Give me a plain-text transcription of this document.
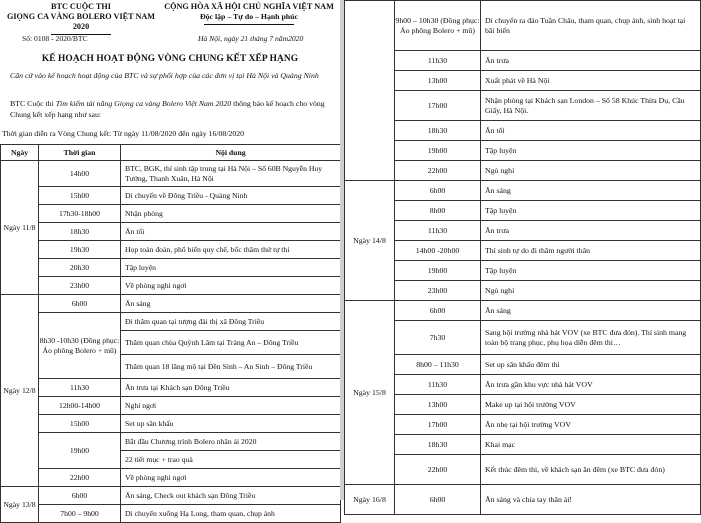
BTC CUỘC THI
GIỌNG CA VÀNG BOLERO VIỆT NAM 2020
CỘNG HÒA XÃ HỘI CHỦ NGHĨA VIỆT NAM
Độc lập – Tự do – Hạnh phúc
Số: 0108 - 2020/BTC	Hà Nội, ngày 21 tháng 7 năm2020
KẾ HOẠCH HOẠT ĐỘNG VÒNG CHUNG KẾT XẾP HẠNG
Căn cứ vào kế hoạch hoạt động của BTC và sự phối hợp của các đơn vị tại Hà Nội và Quảng Ninh
BTC Cuộc thi Tìm kiếm tài năng Giọng ca vàng Bolero Việt Nam 2020 thông báo kế hoạch cho vòng Chung kết xếp hạng như sau:
Thời gian diễn ra Vòng Chung kết: Từ ngày 11/08/2020 đến ngày 16/08/2020
Ngày	Thời gian	Nội dung
Ngày 11/8	14h00	BTC, BGK, thí sinh tập trung tại Hà Nội – Số 60B Nguyễn Huy Tưởng, Thanh Xuân, Hà Nội
	15h00	Di chuyển về Đông Triều - Quảng Ninh
	17h30-18h00	Nhận phòng
	18h30	Ăn tối
	19h30	Họp toàn đoàn, phổ biến quy chế, bốc thăm thứ tự thi
	20h30	Tập luyện
	23h00	Về phòng nghỉ ngơi
Ngày 12/8	6h00	Ăn sáng
	8h30 -10h30 (Đồng phục: Áo phông Bolero + mũ)	Đi thăm quan tại tượng đài thị xã Đông Triều
		Thăm quan chùa Quỳnh Lâm tại Tràng An – Đông Triều
		Thăm quan 18 lăng mộ tại Đền Sinh – An Sinh – Đông Triều
	11h30	Ăn trưa tại Khách sạn Đông Triều
	12h00-14h00	Nghỉ ngơi
	15h00	Set up sân khấu
	19h00	Bắt đầu Chương trình Bolero nhân ái 2020
		22 tiết mục + trao quà
	22h00	Về phòng nghỉ ngơi
Ngày 13/8	6h00	Ăn sáng, Check out khách sạn Đông Triều
	7h00 – 9h00	Di chuyển xuống Hạ Long, tham quan, chụp ảnh
	9h00 – 10h30 (Đồng phục: Áo phông Bolero + mũ)	Di chuyển ra đảo Tuần Châu, tham quan, chụp ảnh, sinh hoạt tại bãi biển
	11h30	Ăn trưa
	13h00	Xuất phát về Hà Nội
	17h00	Nhận phòng tại Khách sạn London – Số 58 Khúc Thừa Dụ, Cầu Giấy, Hà Nội.
	18h30	Ăn tối
	19h00	Tập luyện
	22h00	Ngủ nghỉ
Ngày 14/8	6h00	Ăn sáng
	8h00	Tập luyện
	11h30	Ăn trưa
	14h00 -20h00	Thí sinh tự do đi thăm người thân
	19h00	Tập luyện
	23h00	Ngủ nghỉ
Ngày 15/8	6h00	Ăn sáng
	7h30	Sang hội trường nhà hát VOV (xe BTC đưa đón). Thí sinh mang toàn bộ trang phục, phụ họa diễn đêm thi…
	8h00 – 11h30	Set up sân khấu đêm thi
	11h30	Ăn trưa gần khu vực nhà hát VOV
	13h00	Make up tại hội trường VOV
	17h00	Ăn nhẹ tại hội trường VOV
	18h30	Khai mạc
	22h00	Kết thúc đêm thi, về khách sạn ăn đêm (xe BTC đưa đón)
Ngày 16/8	6h00	Ăn sáng và chia tay thân ái!
